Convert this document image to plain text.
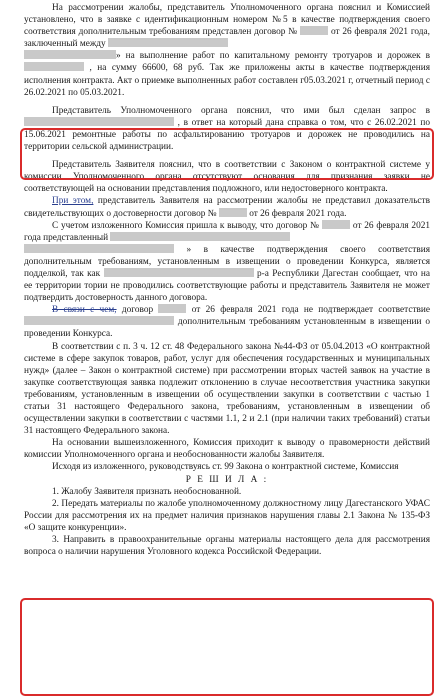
На рассмотрении жалобы, представитель Уполномоченного органа пояснил и Комиссией установлено, что в заявке с идентификационным номером №5 в качестве подтверждения своего соответствия дополнительным требованиям представлен договор №	от 26 февраля 2021 года, заключенный между
» на выполнение работ по капитальному ремонту тротуаров и дорожек в  , на сумму 66600, 68 руб. Так же приложены акты в качестве подтверждения исполнения контракта. Акт о приемке выполненных работ составлен г05.03.2021 г, отчетный период с 26.02.2021 по 05.03.2021.

Представитель Уполномоченного органа пояснил, что ими был сделан запрос в  , в ответ на который дана справка о том, что с 26.02.2021 по 15.06.2021 ремонтные работы по асфальтированию тротуаров и дорожек не проводились на территории сельской администрации.

Представитель Заявителя пояснил, что в соответствии с Законом о контрактной системе у комиссии Уполномоченного органа отсутствуют основания для признания заявки не соответствующей на основании представления подложного, или недостоверного контракта.

При этом, представитель Заявителя на рассмотрении жалобы не представил доказательств свидетельствующих о достоверности договор №	от 26 февраля 2021 года.

С учетом изложенного Комиссия пришла к выводу, что договор №	от 26 февраля 2021 года представленный
» в качестве подтверждения своего соответствия дополнительным требованиям, установленным в извещении о проведении Конкурса, является подделкой, так как	р-а Республики Дагестан сообщает, что на ее территории тории не проводились соответствующие работы и представитель Заявителя не может подтвердить достоверность данного договора.

В связи с чем, договор	от 26 февраля 2021 года не подтверждает соответствие  дополнительным требованиям установленным в извещении о проведении Конкурса.

В соответствии с п. 3 ч. 12 ст. 48 Федерального закона №44-ФЗ от 05.04.2013 «О контрактной системе в сфере закупок товаров, работ, услуг для обеспечения государственных и муниципальных нужд» (далее – Закон о контрактной системе) при рассмотрении вторых частей заявок на участие в закупке соответствующая заявка подлежит отклонению в случае несоответствия участника закупки требованиям, установленным в извещении об осуществлении закупки в соответствии с частью 1 статьи 31 настоящего Федерального закона, требованиям, установленным в извещении об осуществлении закупки в соответствии с частями 1.1, 2 и 2.1 (при наличии таких требований) статьи 31 настоящего Федерального закона.

На основании вышеизложенного, Комиссия приходит к выводу о правомерности действий комиссии Уполномоченного органа и необоснованности жалобы Заявителя.

Исходя из изложенного, руководствуясь ст. 99 Закона о контрактной системе, Комиссия

Р Е Ш И Л А :

1. Жалобу Заявителя признать необоснованной.

2. Передать материалы по жалобе уполномоченному должностному лицу Дагестанского УФАС России для рассмотрения их на предмет наличия признаков нарушения главы 2.1 Закона № 135-ФЗ «О защите конкуренции».

3. Направить в правоохранительные органы материалы настоящего дела для рассмотрения вопроса о наличии нарушения Уголовного кодекса Российской Федерации.
